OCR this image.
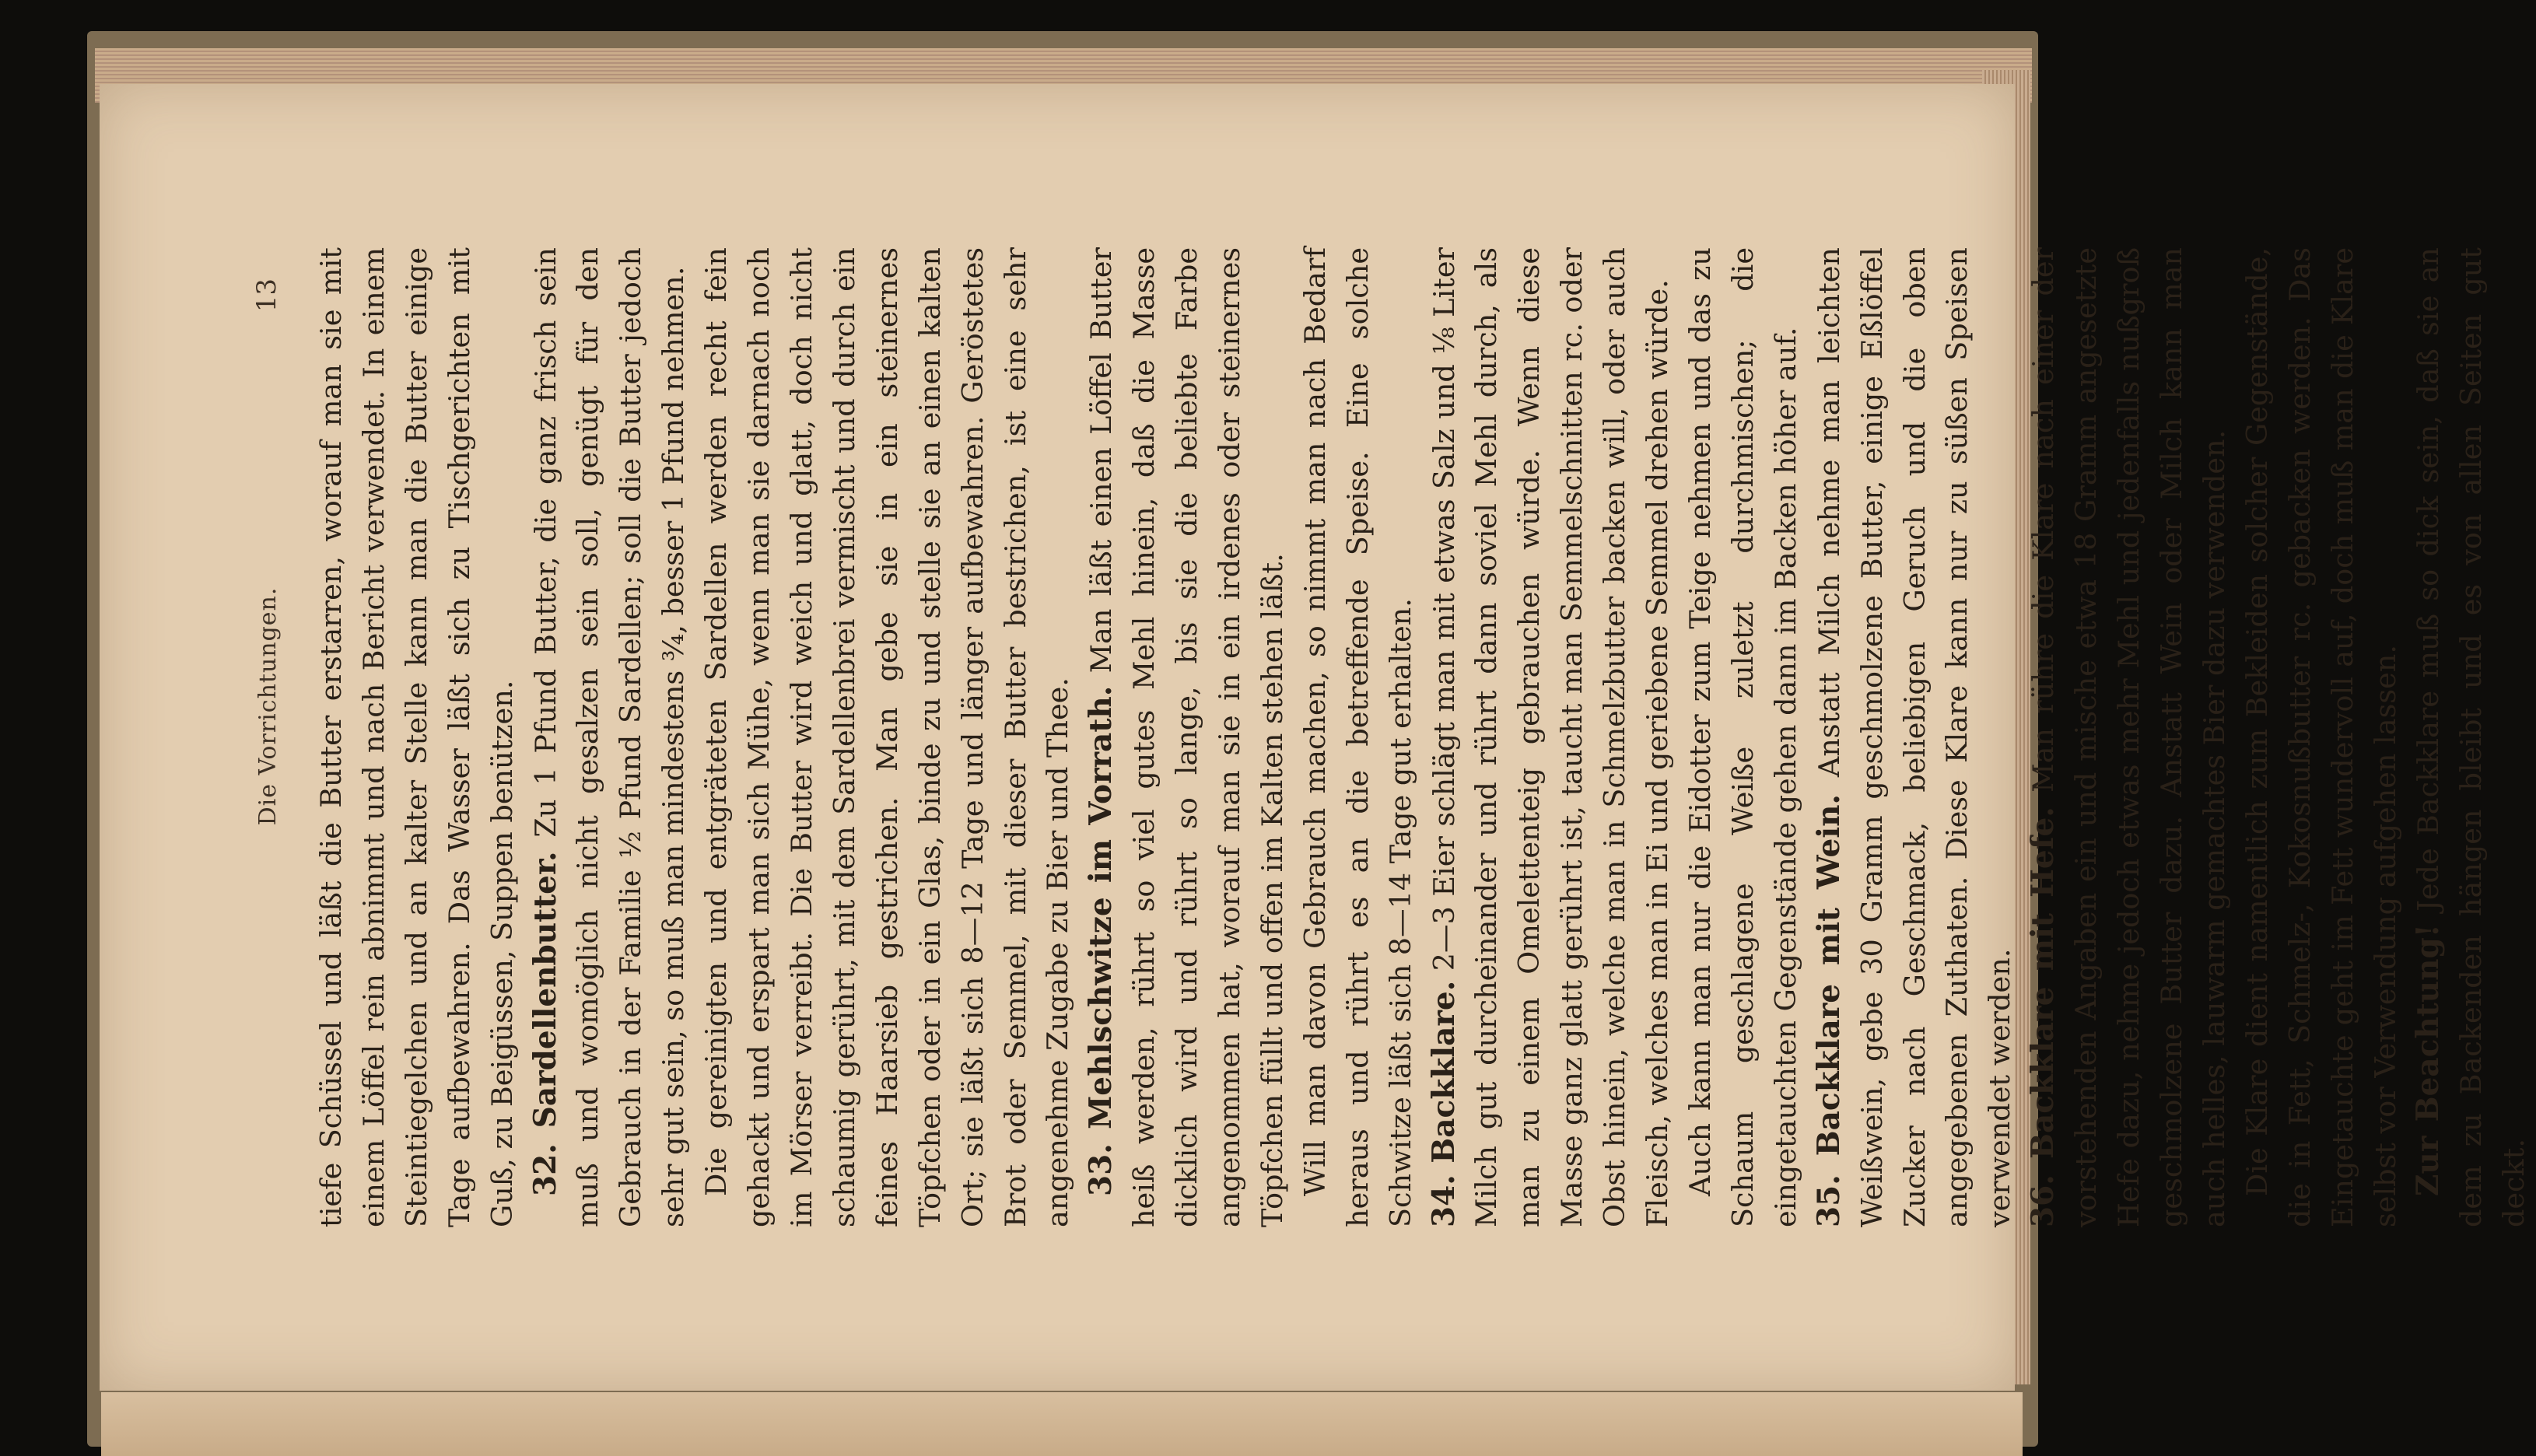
Die Vorrichtungen.
13 tiefe Schüssel und läßt die Butter erstarren, worauf man sie mit einem Löffel rein abnimmt und nach Bericht verwendet. In einem Steintiegelchen und an kalter Stelle kann man die Butter einige Tage aufbewahren. Das Wasser läßt sich zu Tischgerichten mit Guß, zu Beigüssen, Suppen benützen. 32. Sardellenbutter. Zu 1 Pfund Butter, die ganz frisch sein muß und womöglich nicht gesalzen sein soll, genügt für den Gebrauch in der Familie ½ Pfund Sardellen; soll die Butter jedoch sehr gut sein, so muß man mindestens ¾, besser 1 Pfund nehmen. Die gereinigten und entgräteten Sardellen werden recht fein gehackt und erspart man sich Mühe, wenn man sie darnach noch im Mörser verreibt. Die Butter wird weich und glatt, doch nicht schaumig gerührt, mit dem Sardellenbrei vermischt und durch ein feines Haarsieb gestrichen. Man gebe sie in ein steinernes Töpfchen oder in ein Glas, binde zu und stelle sie an einen kalten Ort; sie läßt sich 8—12 Tage und länger aufbewahren. Geröstetes Brot oder Semmel, mit dieser Butter bestrichen, ist eine sehr angenehme Zugabe zu Bier und Thee. 33. Mehlschwitze im Vorrath. Man läßt einen Löffel Butter heiß werden, rührt so viel gutes Mehl hinein, daß die Masse dicklich wird und rührt so lange, bis sie die beliebte Farbe angenommen hat, worauf man sie in ein irdenes oder steinernes Töpfchen füllt und offen im Kalten stehen läßt. Will man davon Gebrauch machen, so nimmt man nach Bedarf heraus und rührt es an die betreffende Speise. Eine solche Schwitze läßt sich 8—14 Tage gut erhalten. 34. Backklare. 2—3 Eier schlägt man mit etwas Salz und ⅛ Liter Milch gut durcheinander und rührt dann soviel Mehl durch, als man zu einem Omelettenteig gebrauchen würde. Wenn diese Masse ganz glatt gerührt ist, taucht man Semmelschnitten rc. oder Obst hinein, welche man in Schmelzbutter backen will, oder auch Fleisch, welches man in Ei und geriebene Semmel drehen würde. Auch kann man nur die Eidotter zum Teige nehmen und das zu Schaum geschlagene Weiße zuletzt durchmischen; die eingetauchten Gegenstände gehen dann im Backen höher auf. 35. Backklare mit Wein. Anstatt Milch nehme man leichten Weißwein, gebe 30 Gramm geschmolzene Butter, einige Eßlöffel Zucker nach Geschmack, beliebigen Geruch und die oben angegebenen Zuthaten. Diese Klare kann nur zu süßen Speisen verwendet werden. 36. Backklare mit Hefe. Man rühre die Klare nach einer der vorstehenden Angaben ein und mische etwa 18 Gramm angesetzte Hefe dazu, nehme jedoch etwas mehr Mehl und jedenfalls nußgroß geschmolzene Butter dazu. Anstatt Wein oder Milch kann man auch helles, lauwarm gemachtes Bier dazu verwenden. Die Klare dient namentlich zum Bekleiden solcher Gegenstände, die in Fett, Schmelz-, Kokosnußbutter rc. gebacken werden. Das Eingetauchte geht im Fett wundervoll auf, doch muß man die Klare selbst vor Verwendung aufgehen lassen. Zur Beachtung! Jede Backklare muß so dick sein, daß sie an dem zu Backenden hängen bleibt und es von allen Seiten gut deckt.
